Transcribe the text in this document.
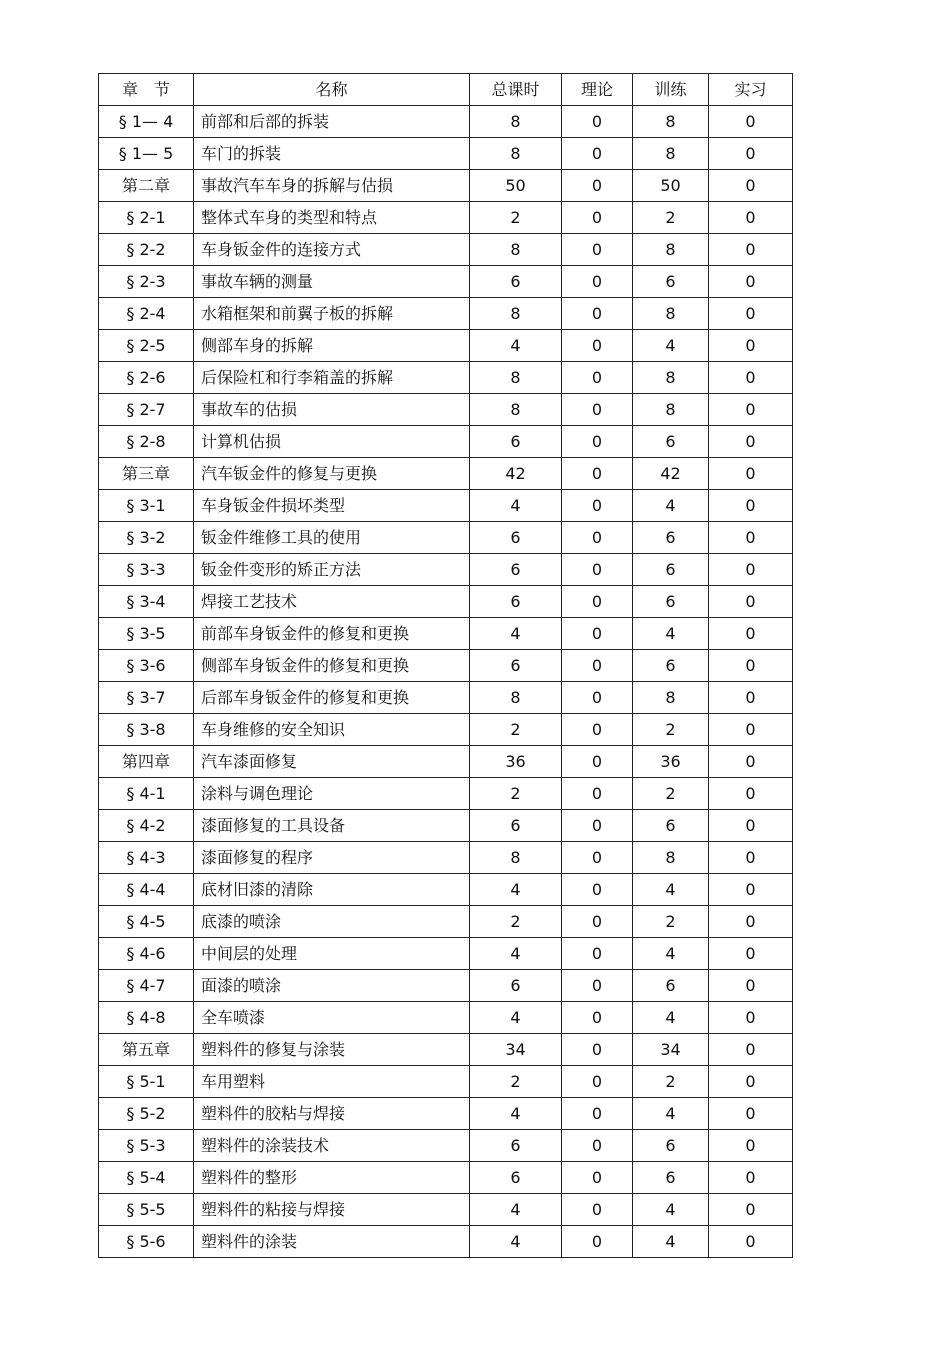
章　节	名称	总课时	理论	训练	实习
§ 1— 4	前部和后部的拆装	8	0	8	0
§ 1— 5	车门的拆装	8	0	8	0
第二章	事故汽车车身的拆解与估损	50	0	50	0
§ 2-1	整体式车身的类型和特点	2	0	2	0
§ 2-2	车身钣金件的连接方式	8	0	8	0
§ 2-3	事故车辆的测量	6	0	6	0
§ 2-4	水箱框架和前翼子板的拆解	8	0	8	0
§ 2-5	侧部车身的拆解	4	0	4	0
§ 2-6	后保险杠和行李箱盖的拆解	8	0	8	0
§ 2-7	事故车的估损	8	0	8	0
§ 2-8	计算机估损	6	0	6	0
第三章	汽车钣金件的修复与更换	42	0	42	0
§ 3-1	车身钣金件损坏类型	4	0	4	0
§ 3-2	钣金件维修工具的使用	6	0	6	0
§ 3-3	钣金件变形的矫正方法	6	0	6	0
§ 3-4	焊接工艺技术	6	0	6	0
§ 3-5	前部车身钣金件的修复和更换	4	0	4	0
§ 3-6	侧部车身钣金件的修复和更换	6	0	6	0
§ 3-7	后部车身钣金件的修复和更换	8	0	8	0
§ 3-8	车身维修的安全知识	2	0	2	0
第四章	汽车漆面修复	36	0	36	0
§ 4-1	涂料与调色理论	2	0	2	0
§ 4-2	漆面修复的工具设备	6	0	6	0
§ 4-3	漆面修复的程序	8	0	8	0
§ 4-4	底材旧漆的清除	4	0	4	0
§ 4-5	底漆的喷涂	2	0	2	0
§ 4-6	中间层的处理	4	0	4	0
§ 4-7	面漆的喷涂	6	0	6	0
§ 4-8	全车喷漆	4	0	4	0
第五章	塑料件的修复与涂装	34	0	34	0
§ 5-1	车用塑料	2	0	2	0
§ 5-2	塑料件的胶粘与焊接	4	0	4	0
§ 5-3	塑料件的涂装技术	6	0	6	0
§ 5-4	塑料件的整形	6	0	6	0
§ 5-5	塑料件的粘接与焊接	4	0	4	0
§ 5-6	塑料件的涂装	4	0	4	0
